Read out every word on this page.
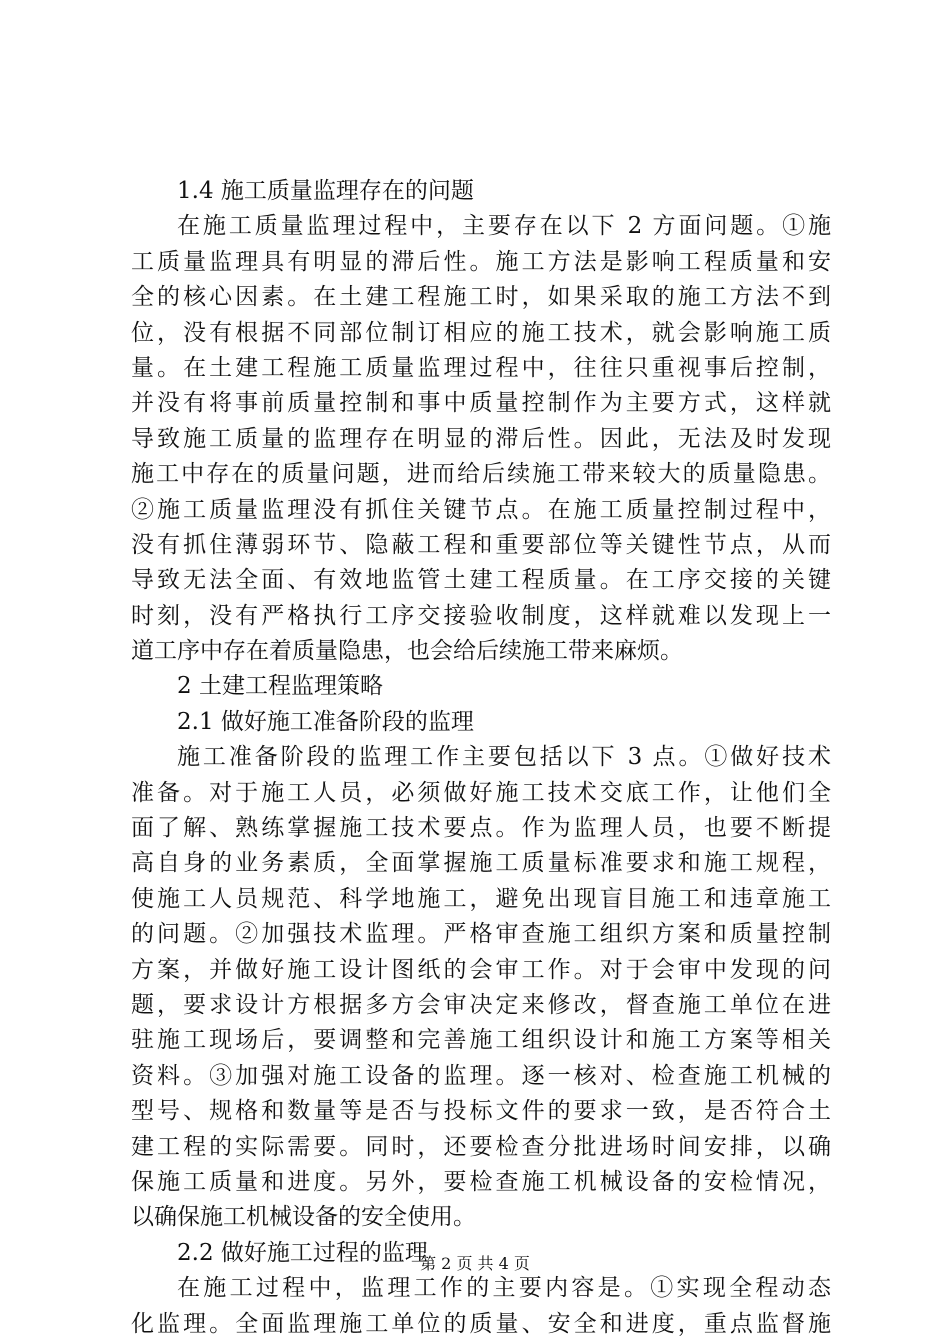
1.4 施工质量监理存在的问题
在施工质量监理过程中，主要存在以下 2 方面问题。①施
工质量监理具有明显的滞后性。施工方法是影响工程质量和安
全的核心因素。在土建工程施工时，如果采取的施工方法不到
位，没有根据不同部位制订相应的施工技术，就会影响施工质
量。在土建工程施工质量监理过程中，往往只重视事后控制，
并没有将事前质量控制和事中质量控制作为主要方式，这样就
导致施工质量的监理存在明显的滞后性。因此，无法及时发现
施工中存在的质量问题，进而给后续施工带来较大的质量隐患。
②施工质量监理没有抓住关键节点。在施工质量控制过程中，
没有抓住薄弱环节、隐蔽工程和重要部位等关键性节点，从而
导致无法全面、有效地监管土建工程质量。在工序交接的关键
时刻，没有严格执行工序交接验收制度，这样就难以发现上一
道工序中存在着质量隐患，也会给后续施工带来麻烦。
2 土建工程监理策略
2.1 做好施工准备阶段的监理
施工准备阶段的监理工作主要包括以下 3 点。①做好技术
准备。对于施工人员，必须做好施工技术交底工作，让他们全
面了解、熟练掌握施工技术要点。作为监理人员，也要不断提
高自身的业务素质，全面掌握施工质量标准要求和施工规程，
使施工人员规范、科学地施工，避免出现盲目施工和违章施工
的问题。②加强技术监理。严格审查施工组织方案和质量控制
方案，并做好施工设计图纸的会审工作。对于会审中发现的问
题，要求设计方根据多方会审决定来修改，督查施工单位在进
驻施工现场后，要调整和完善施工组织设计和施工方案等相关
资料。③加强对施工设备的监理。逐一核对、检查施工机械的
型号、规格和数量等是否与投标文件的要求一致，是否符合土
建工程的实际需要。同时，还要检查分批进场时间安排，以确
保施工质量和进度。另外，要检查施工机械设备的安检情况，
以确保施工机械设备的安全使用。
2.2 做好施工过程的监理
在施工过程中，监理工作的主要内容是。①实现全程动态
化监理。全面监理施工单位的质量、安全和进度，重点监督施
第 2 页 共 4 页
